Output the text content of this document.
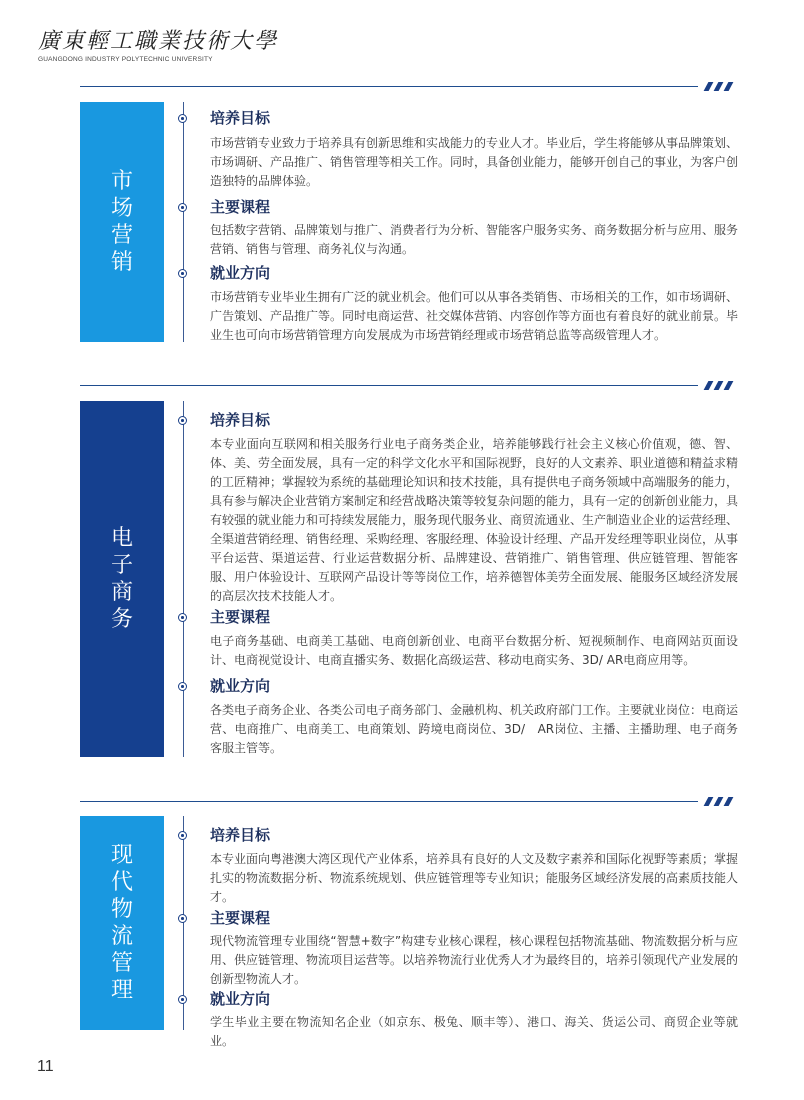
廣東輕工職業技術大學
GUANGDONG INDUSTRY POLYTECHNIC UNIVERSITY
市场营销
培养目标
市场营销专业致力于培养具有创新思维和实战能力的专业人才。毕业后，学生将能够从事品牌策划、市场调研、产品推广、销售管理等相关工作。同时，具备创业能力，能够开创自己的事业，为客户创造独特的品牌体验。
主要课程
包括数字营销、品牌策划与推广、消费者行为分析、智能客户服务实务、商务数据分析与应用、服务营销、销售与管理、商务礼仪与沟通。
就业方向
市场营销专业毕业生拥有广泛的就业机会。他们可以从事各类销售、市场相关的工作，如市场调研、广告策划、产品推广等。同时电商运营、社交媒体营销、内容创作等方面也有着良好的就业前景。毕业生也可向市场营销管理方向发展成为市场营销经理或市场营销总监等高级管理人才。
电子商务
培养目标
本专业面向互联网和相关服务行业电子商务类企业，培养能够践行社会主义核心价值观，德、智、体、美、劳全面发展，具有一定的科学文化水平和国际视野，良好的人文素养、职业道德和精益求精的工匠精神；掌握较为系统的基础理论知识和技术技能，具有提供电子商务领域中高端服务的能力，具有参与解决企业营销方案制定和经营战略决策等较复杂问题的能力，具有一定的创新创业能力，具有较强的就业能力和可持续发展能力，服务现代服务业、商贸流通业、生产制造业企业的运营经理、全渠道营销经理、销售经理、采购经理、客服经理、体验设计经理、产品开发经理等职业岗位，从事平台运营、渠道运营、行业运营数据分析、品牌建设、营销推广、销售管理、供应链管理、智能客服、用户体验设计、互联网产品设计等等岗位工作，培养德智体美劳全面发展、能服务区域经济发展的高层次技术技能人才。
主要课程
电子商务基础、电商美工基础、电商创新创业、电商平台数据分析、短视频制作、电商网站页面设计、电商视觉设计、电商直播实务、数据化高级运营、移动电商实务、3D/ AR电商应用等。
就业方向
各类电子商务企业、各类公司电子商务部门、金融机构、机关政府部门工作。主要就业岗位：电商运营、电商推广、电商美工、电商策划、跨境电商岗位、3D/　AR岗位、主播、主播助理、电子商务客服主管等。
现代物流管理
培养目标
本专业面向粤港澳大湾区现代产业体系，培养具有良好的人文及数字素养和国际化视野等素质；掌握扎实的物流数据分析、物流系统规划、供应链管理等专业知识；能服务区域经济发展的高素质技能人才。
主要课程
现代物流管理专业围绕“智慧+数字”构建专业核心课程，核心课程包括物流基础、物流数据分析与应用、供应链管理、物流项目运营等。以培养物流行业优秀人才为最终目的，培养引领现代产业发展的创新型物流人才。
就业方向
学生毕业主要在物流知名企业（如京东、极兔、顺丰等）、港口、海关、货运公司、商贸企业等就业。
11
